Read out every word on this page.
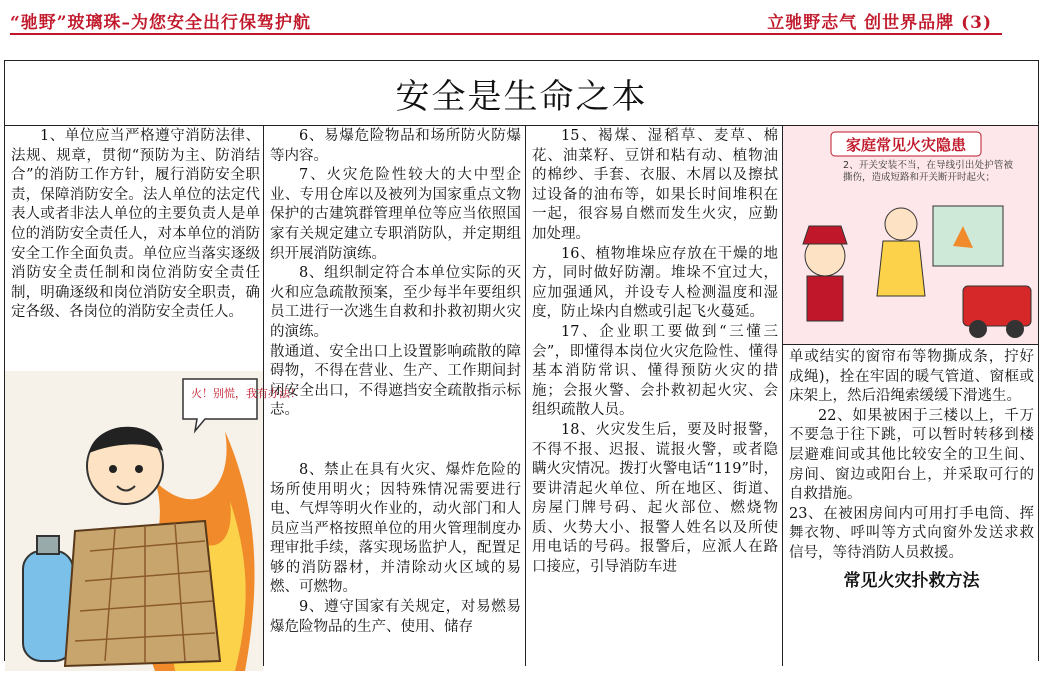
“驰野”玻璃珠–为您安全出行保驾护航	立驰野志气 创世界品牌 (3)
安全是生命之本

1、单位应当严格遵守消防法律、法规、规章，贯彻“预防为主、防消结合”的消防工作方针，履行消防安全职责，保障消防安全。法人单位的法定代表人或者非法人单位的主要负责人是单位的消防安全责任人，对本单位的消防安全工作全面负责。单位应当落实逐级消防安全责任制和岗位消防安全责任制，明确逐级和岗位消防安全职责，确定各级、各岗位的消防安全责任人。

火！别慌，我有办法！

6、易爆危险物品和场所防火防爆等内容。

7、火灾危险性较大的大中型企业、专用仓库以及被列为国家重点文物保护的古建筑群管理单位等应当依照国家有关规定建立专职消防队，并定期组织开展消防演练。

8、组织制定符合本单位实际的灭火和应急疏散预案，至少每半年要组织员工进行一次逃生自救和扑救初期火灾的演练。

散通道、安全出口上设置影响疏散的障碍物，不得在营业、生产、工作期间封闭安全出口，不得遮挡安全疏散指示标志。

8、禁止在具有火灾、爆炸危险的场所使用明火；因特殊情况需要进行电、气焊等明火作业的，动火部门和人员应当严格按照单位的用火管理制度办理审批手续，落实现场监护人，配置足够的消防器材，并清除动火区域的易燃、可燃物。

9、遵守国家有关规定，对易燃易爆危险物品的生产、使用、储存

15、褐煤、湿稻草、麦草、棉花、油菜籽、豆饼和粘有动、植物油的棉纱、手套、衣服、木屑以及擦拭过设备的油布等，如果长时间堆积在一起，很容易自燃而发生火灾，应勤加处理。

16、植物堆垛应存放在干燥的地方，同时做好防潮。堆垛不宜过大，应加强通风，并设专人检测温度和湿度，防止垛内自燃或引起飞火蔓延。

17、企业职工要做到“三懂三会”，即懂得本岗位火灾危险性、懂得基本消防常识、懂得预防火灾的措施；会报火警、会扑救初起火灾、会组织疏散人员。

18、火灾发生后，要及时报警，不得不报、迟报、谎报火警，或者隐瞒火灾情况。拨打火警电话“119”时，要讲清起火单位、所在地区、街道、房屋门牌号码、起火部位、燃烧物质、火势大小、报警人姓名以及所使用电话的号码。报警后，应派人在路口接应，引导消防车进

家庭常见火灾隐患
2、开关安装不当，在导线引出处护管被撕伤，造成短路和开关断开时起火；

单或结实的窗帘布等物撕成条，拧好成绳)，拴在牢固的暖气管道、窗框或床架上，然后沿绳索缓缓下滑逃生。

22、如果被困于三楼以上，千万不要急于往下跳，可以暂时转移到楼层避难间或其他比较安全的卫生间、房间、窗边或阳台上，并采取可行的自救措施。

23、在被困房间内可用打手电筒、挥舞衣物、呼叫等方式向窗外发送求救信号，等待消防人员救援。

常见火灾扑救方法
